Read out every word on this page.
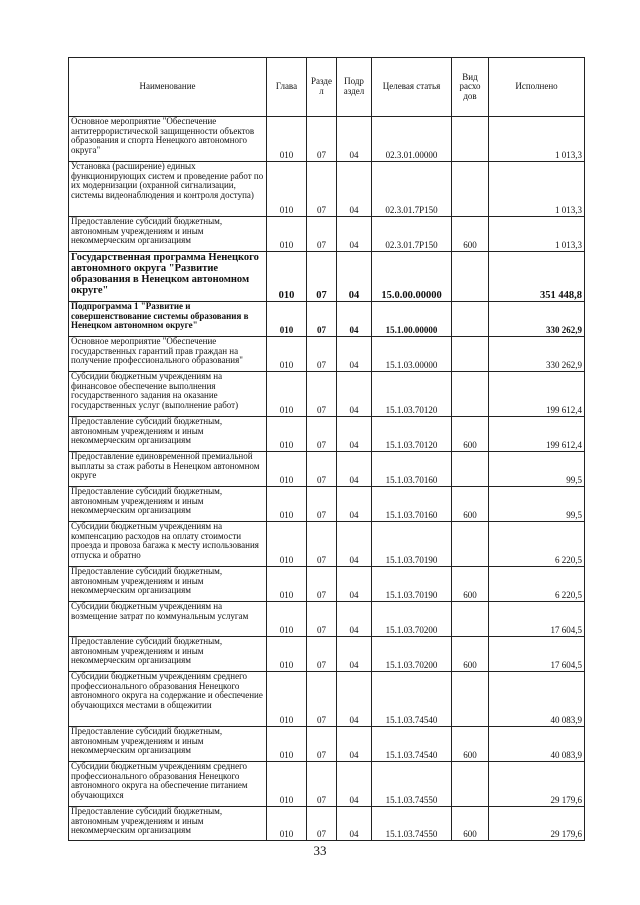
Наименование	Глава	Разде л	Подр аздел	Целевая статья	Вид расхо дов	Исполнено
Основное мероприятие "Обеспечение антитеррористической защищенности объектов образования и спорта Ненецкого автономного округа"	010	07	04	02.3.01.00000		1 013,3
Установка (расширение) единых функционирующих систем и проведение работ по их модернизации (охранной сигнализации, системы видеонаблюдения и контроля доступа)	010	07	04	02.3.01.7Р150		1 013,3
Предоставление субсидий бюджетным, автономным учреждениям и иным некоммерческим организациям	010	07	04	02.3.01.7Р150	600	1 013,3
Государственная программа Ненецкого автономного округа "Развитие образования в Ненецком автономном округе"	010	07	04	15.0.00.00000		351 448,8
Подпрограмма 1 "Развитие и совершенствование системы образования в Ненецком автономном округе"	010	07	04	15.1.00.00000		330 262,9
Основное мероприятие "Обеспечение государственных гарантий прав граждан на получение профессионального образования"	010	07	04	15.1.03.00000		330 262,9
Субсидии бюджетным учреждениям на финансовое обеспечение выполнения государственного задания на оказание государственных услуг (выполнение работ)	010	07	04	15.1.03.70120		199 612,4
Предоставление субсидий бюджетным, автономным учреждениям и иным некоммерческим организациям	010	07	04	15.1.03.70120	600	199 612,4
Предоставление единовременной премиальной выплаты за стаж работы в Ненецком автономном округе	010	07	04	15.1.03.70160		99,5
Предоставление субсидий бюджетным, автономным учреждениям и иным некоммерческим организациям	010	07	04	15.1.03.70160	600	99,5
Субсидии бюджетным учреждениям на компенсацию расходов на оплату стоимости проезда и провоза багажа к месту использования отпуска и обратно	010	07	04	15.1.03.70190		6 220,5
Предоставление субсидий бюджетным, автономным учреждениям и иным некоммерческим организациям	010	07	04	15.1.03.70190	600	6 220,5
Субсидии бюджетным учреждениям на возмещение затрат по коммунальным услугам	010	07	04	15.1.03.70200		17 604,5
Предоставление субсидий бюджетным, автономным учреждениям и иным некоммерческим организациям	010	07	04	15.1.03.70200	600	17 604,5
Субсидии бюджетным учреждениям среднего профессионального образования Ненецкого автономного округа на содержание и обеспечение обучающихся местами в общежитии	010	07	04	15.1.03.74540		40 083,9
Предоставление субсидий бюджетным, автономным учреждениям и иным некоммерческим организациям	010	07	04	15.1.03.74540	600	40 083,9
Субсидии бюджетным учреждениям среднего профессионального образования Ненецкого автономного округа на обеспечение питанием обучающихся	010	07	04	15.1.03.74550		29 179,6
Предоставление субсидий бюджетным, автономным учреждениям и иным некоммерческим организациям	010	07	04	15.1.03.74550	600	29 179,6
33
